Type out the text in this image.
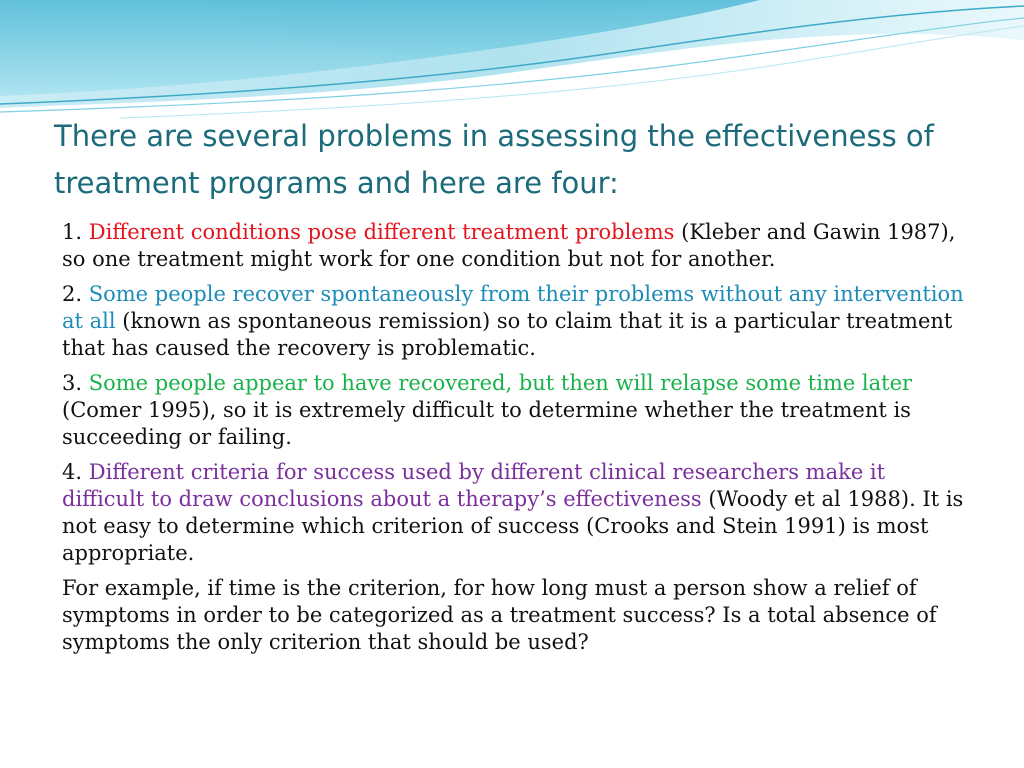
There are several problems in assessing the effectiveness of treatment programs and here are four:

1. Different conditions pose different treatment problems (Kleber and Gawin 1987), so one treatment might work for one condition but not for another.

2. Some people recover spontaneously from their problems without any intervention at all (known as spontaneous remission) so to claim that it is a particular treatment that has caused the recovery is problematic.

3. Some people appear to have recovered, but then will relapse some time later (Comer 1995), so it is extremely difficult to determine whether the treatment is succeeding or failing.

4. Different criteria for success used by different clinical researchers make it difficult to draw conclusions about a therapy’s effectiveness (Woody et al 1988). It is not easy to determine which criterion of success (Crooks and Stein 1991) is most appropriate.

For example, if time is the criterion, for how long must a person show a relief of symptoms in order to be categorized as a treatment success? Is a total absence of symptoms the only criterion that should be used?
